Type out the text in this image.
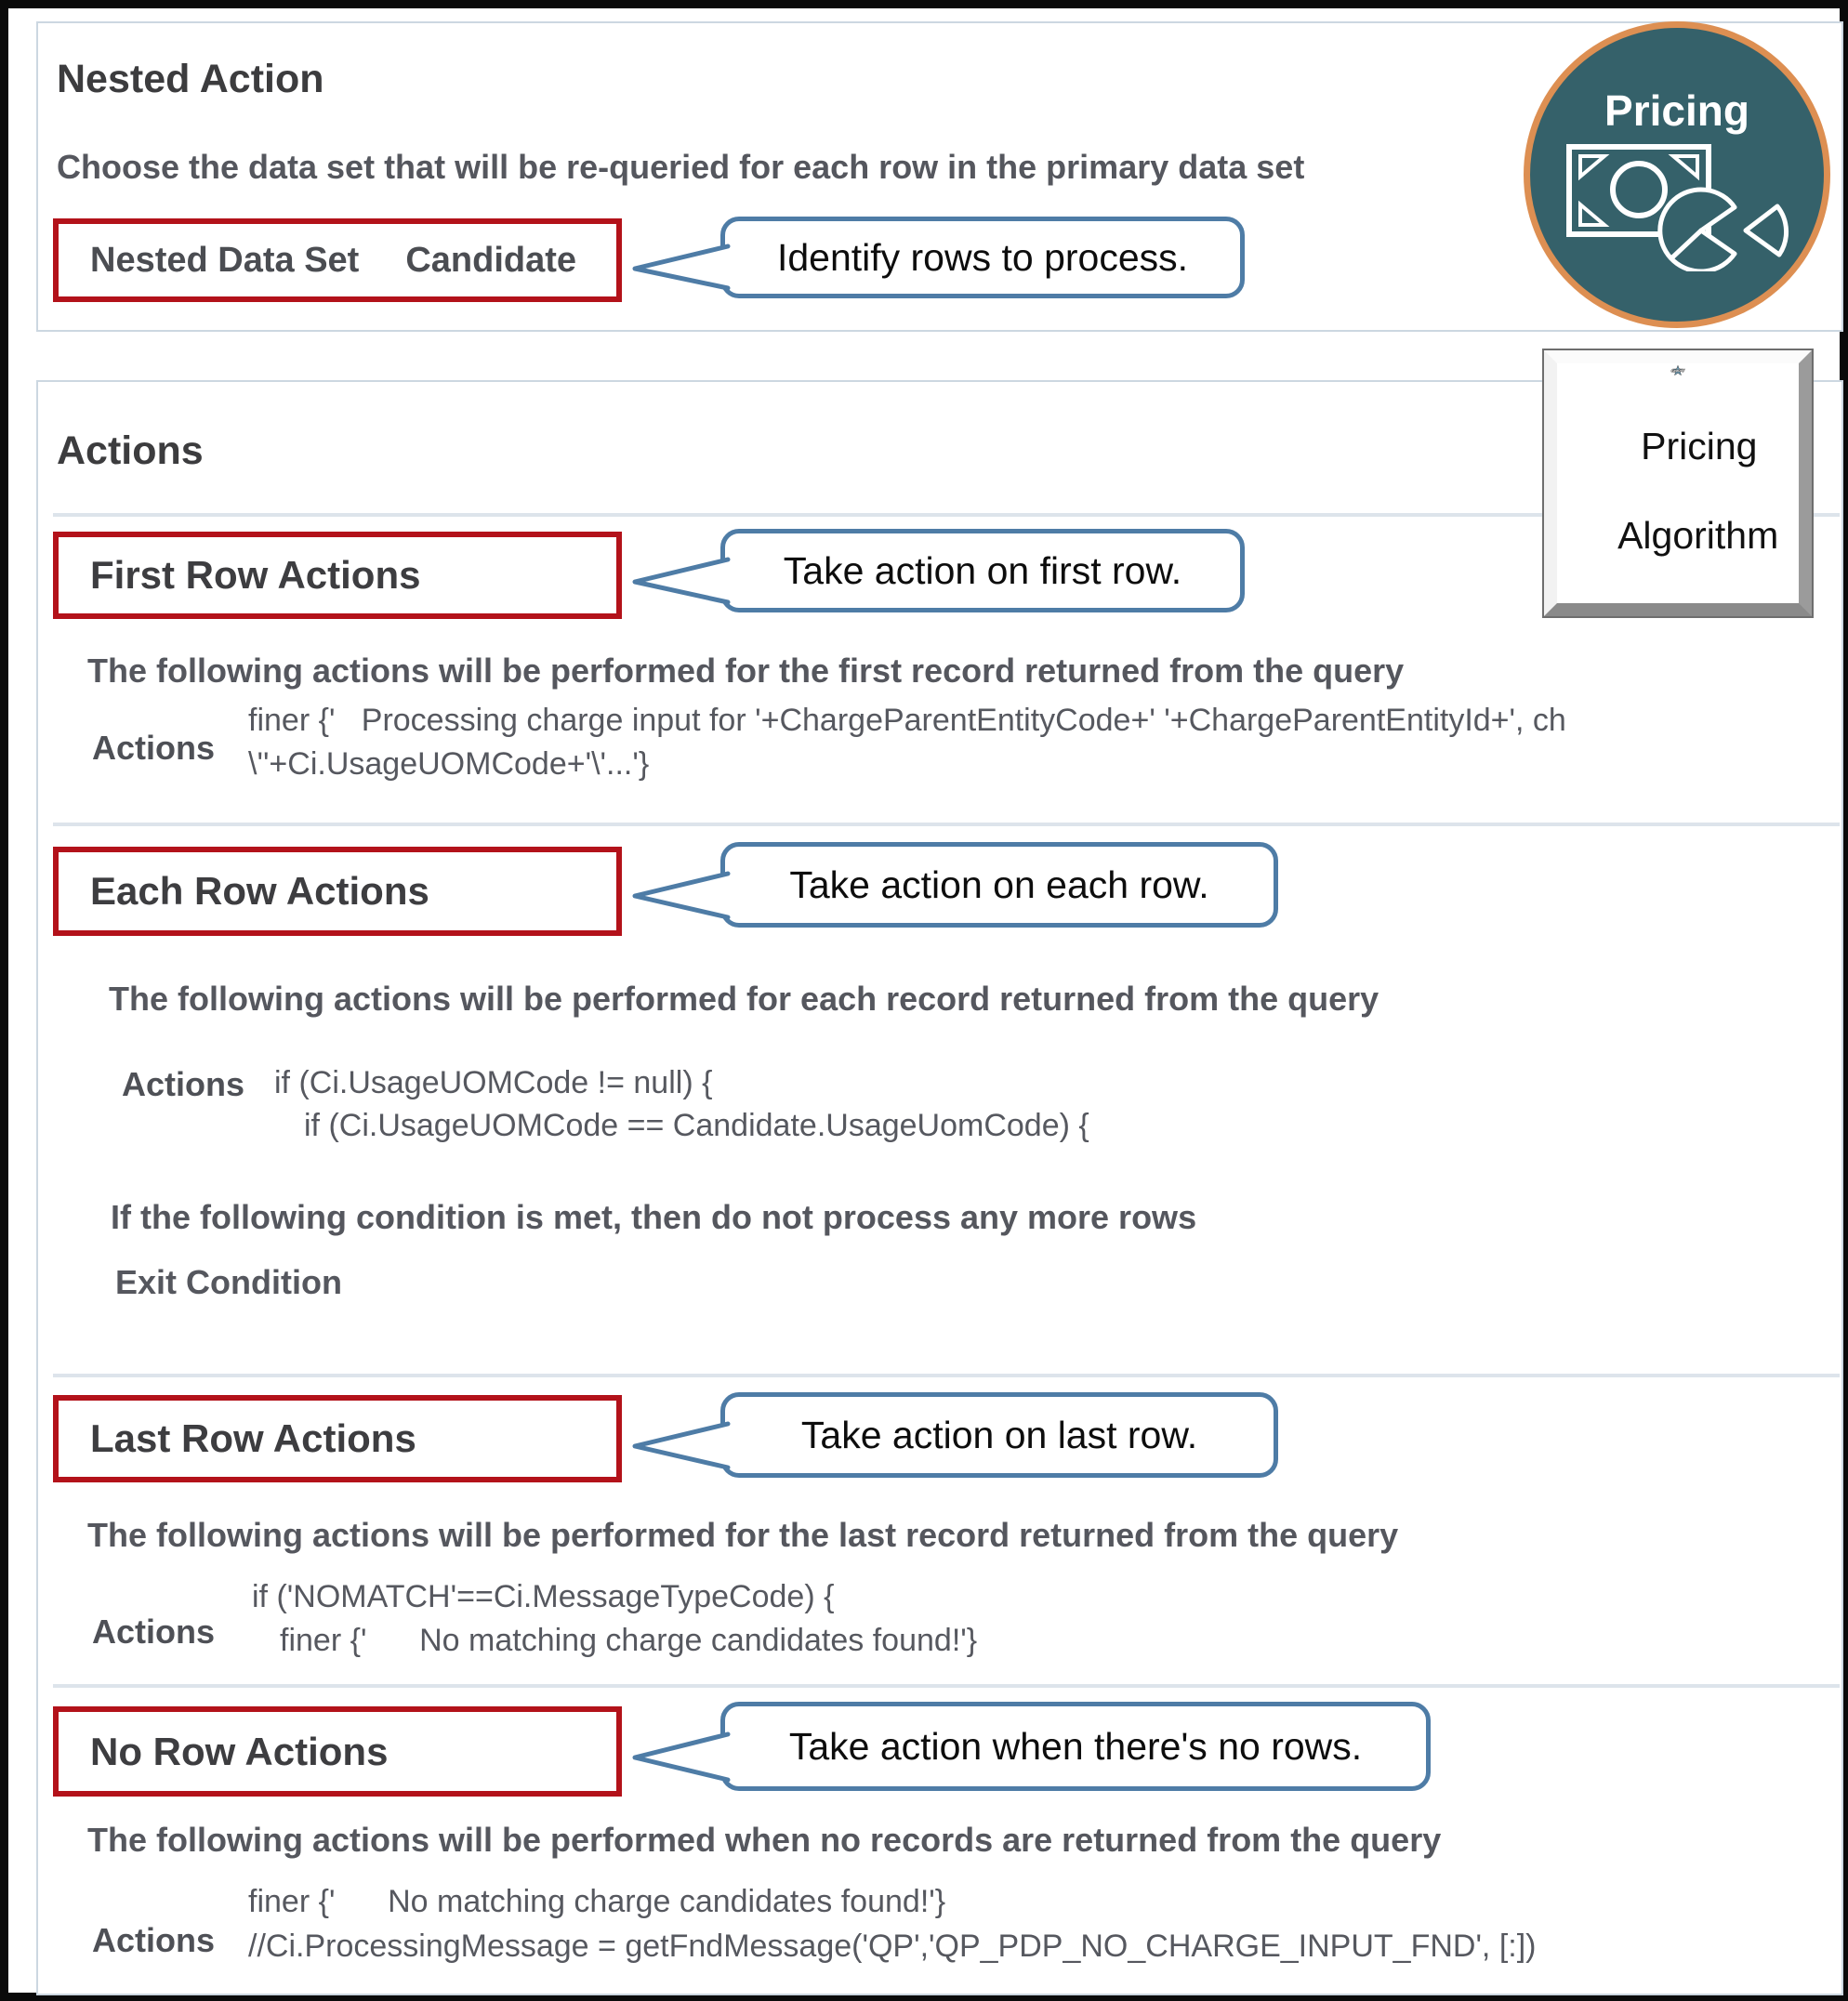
Nested Action
Choose the data set that will be re-queried for each row in the primary data set
Nested Data Set Candidate	Identify rows to process.
Pricing
Groovy

Pricing

Algorithm

Actions
First Row Actions	Take action on first row.
The following actions will be performed for the first record returned from the query
Actions
finer {'   Processing charge input for '+ChargeParentEntityCode+' '+ChargeParentEntityId+', ch
\''+Ci.UsageUOMCode+'\'...'}
Each Row Actions	Take action on each row.
The following actions will be performed for each record returned from the query
Actions if (Ci.UsageUOMCode != null) {
if (Ci.UsageUOMCode == Candidate.UsageUomCode) {
If the following condition is met, then do not process any more rows
Exit Condition
Last Row Actions	Take action on last row.
The following actions will be performed for the last record returned from the query
Actions
if ('NOMATCH'==Ci.MessageTypeCode) {
finer {'      No matching charge candidates found!'}
No Row Actions	Take action when there's no rows.
The following actions will be performed when no records are returned from the query
Actions
finer {'      No matching charge candidates found!'}
//Ci.ProcessingMessage = getFndMessage('QP','QP_PDP_NO_CHARGE_INPUT_FND', [:])
